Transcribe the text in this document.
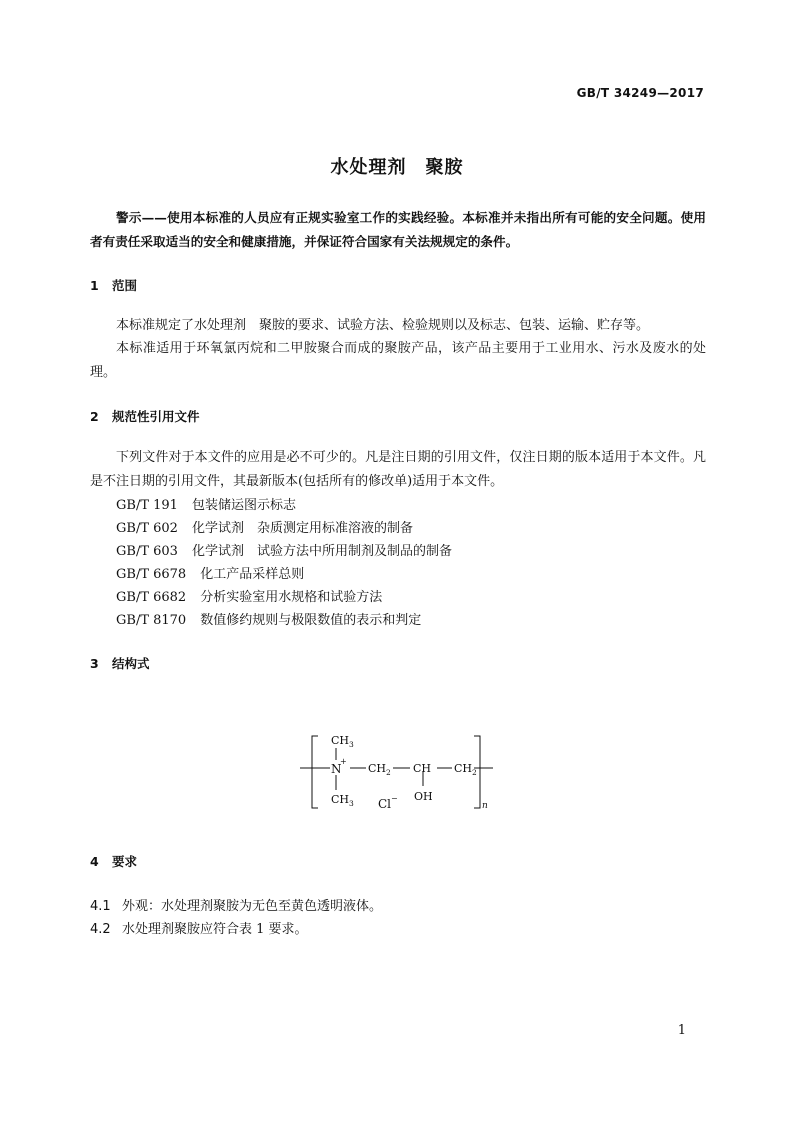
GB/T 34249—2017
水处理剂　聚胺
警示——使用本标准的人员应有正规实验室工作的实践经验。本标准并未指出所有可能的安全问题。使用者有责任采取适当的安全和健康措施，并保证符合国家有关法规规定的条件。
1 范围
本标准规定了水处理剂　聚胺的要求、试验方法、检验规则以及标志、包装、运输、贮存等。
本标准适用于环氧氯丙烷和二甲胺聚合而成的聚胺产品，该产品主要用于工业用水、污水及废水的处理。
2 规范性引用文件
下列文件对于本文件的应用是必不可少的。凡是注日期的引用文件，仅注日期的版本适用于本文件。凡是不注日期的引用文件，其最新版本(包括所有的修改单)适用于本文件。
GB/T 191 包装储运图示标志
GB/T 602 化学试剂　杂质测定用标准溶液的制备
GB/T 603 化学试剂　试验方法中所用制剂及制品的制备
GB/T 6678 化工产品采样总则
GB/T 6682 分析实验室用水规格和试验方法
GB/T 8170 数值修约规则与极限数值的表示和判定
3 结构式
$CH_3$
N
+
$CH_3$
$CH_2$ CH $CH_2$
OH
Cl −
n
4 要求
4.1 外观：水处理剂聚胺为无色至黄色透明液体。
4.2 水处理剂聚胺应符合表 1 要求。
1
